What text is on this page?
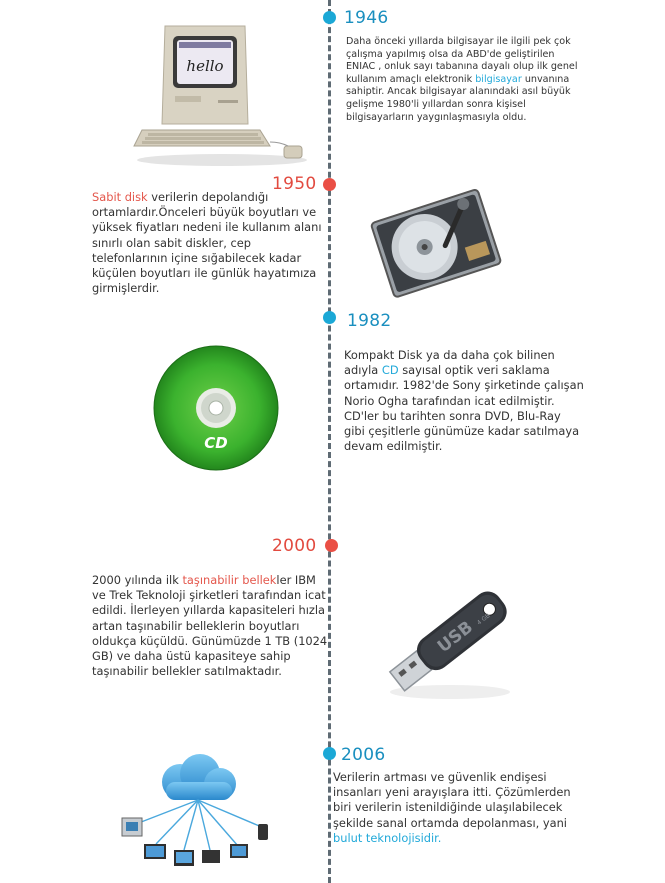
1946
Daha önceki yıllarda bilgisayar ile ilgili pek çok çalışma yapılmış olsa da ABD'de geliştirilen ENIAC , onluk sayı tabanına dayalı olup ilk genel kullanım amaçlı elektronik bilgisayar unvanına sahiptir. Ancak bilgisayar alanındaki asıl büyük gelişme 1980'li yıllardan sonra kişisel bilgisayarların yaygınlaşmasıyla oldu.
hello
1950
Sabit disk verilerin depolandığı ortamlardır.Önceleri büyük boyutları ve yüksek fiyatları nedeni ile kullanım alanı sınırlı olan sabit diskler, cep telefonlarının içine sığabilecek kadar küçülen boyutları ile günlük hayatımıza girmişlerdir.
1982
Kompakt Disk ya da daha çok bilinen adıyla CD sayısal optik veri saklama ortamıdır. 1982'de Sony şirketinde çalışan Norio Ogha tarafından icat edilmiştir. CD'ler bu tarihten sonra DVD, Blu-Ray gibi çeşitlerle günümüze kadar satılmaya devam edilmiştir.
CD
2000
2000 yılında ilk taşınabilir bellekler IBM ve Trek Teknoloji şirketleri tarafından icat edildi. İlerleyen yıllarda kapasiteleri hızla artan taşınabilir belleklerin boyutları oldukça küçüldü. Günümüzde 1 TB (1024 GB) ve daha üstü kapasiteye sahip taşınabilir bellekler satılmaktadır.
USB
4 GB
2006
Verilerin artması ve güvenlik endişesi insanları yeni arayışlara itti. Çözümlerden biri verilerin istenildiğinde ulaşılabilecek şekilde sanal ortamda depolanması, yani bulut teknolojisidir.
